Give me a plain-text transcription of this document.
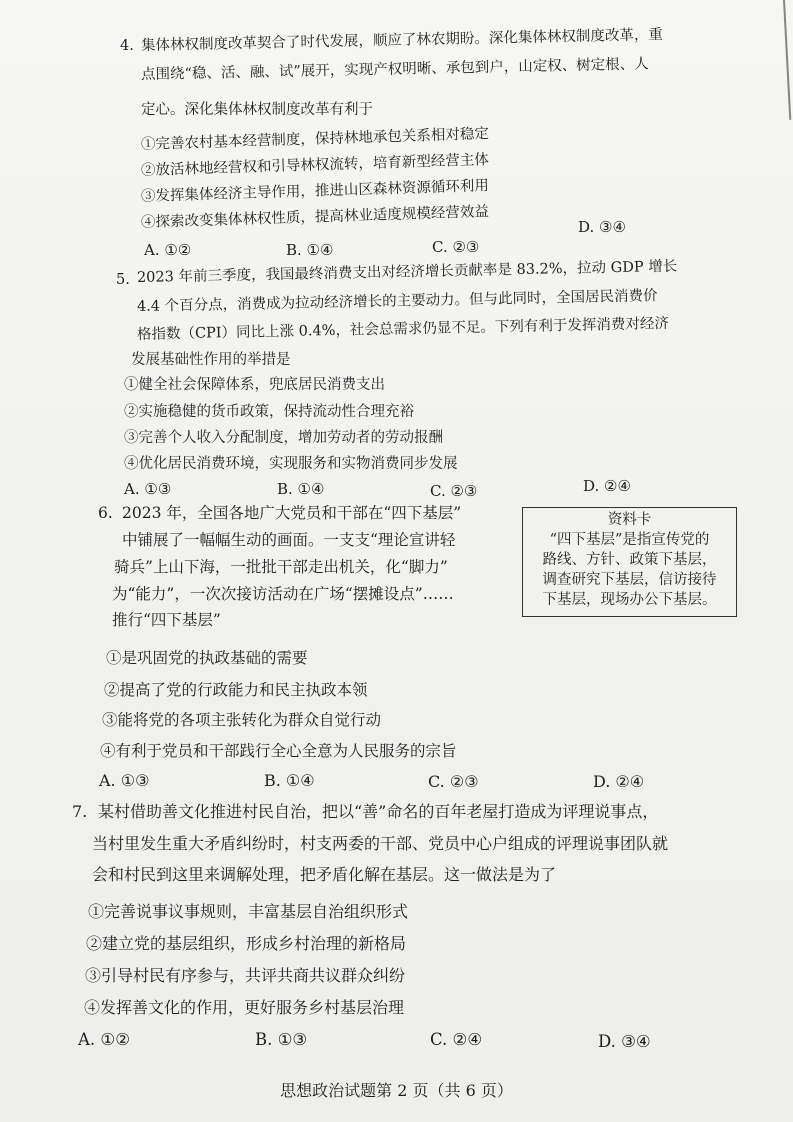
4. 集体林权制度改革契合了时代发展，顺应了林农期盼。深化集体林权制度改革，重
点围绕“稳、活、融、试”展开，实现产权明晰、承包到户，山定权、树定根、人
定心。深化集体林权制度改革有利于
①完善农村基本经营制度，保持林地承包关系相对稳定
②放活林地经营权和引导林权流转，培育新型经营主体
③发挥集体经济主导作用，推进山区森林资源循环利用
④探索改变集体林权性质，提高林业适度规模经营效益
A. ①②	B. ①④	C. ②③
D. ③④
5. 2023 年前三季度，我国最终消费支出对经济增长贡献率是 83.2%，拉动 GDP 增长
4.4 个百分点，消费成为拉动经济增长的主要动力。但与此同时，全国居民消费价
格指数（CPI）同比上涨 0.4%，社会总需求仍显不足。下列有利于发挥消费对经济
发展基础性作用的举措是
①健全社会保障体系，兜底居民消费支出
②实施稳健的货币政策，保持流动性合理充裕
③完善个人收入分配制度，增加劳动者的劳动报酬
④优化居民消费环境，实现服务和实物消费同步发展
A. ①③	B. ①④	C. ②③	D. ②④
6. 2023 年，全国各地广大党员和干部在“四下基层”
中铺展了一幅幅生动的画面。一支支“理论宣讲轻
骑兵”上山下海，一批批干部走出机关，化“脚力”
为“能力”，一次次接访活动在广场“摆摊设点”……
推行“四下基层”
资料卡
“四下基层”是指宣传党的
路线、方针、政策下基层，
调查研究下基层，信访接待
下基层，现场办公下基层。
①是巩固党的执政基础的需要
②提高了党的行政能力和民主执政本领
③能将党的各项主张转化为群众自觉行动
④有利于党员和干部践行全心全意为人民服务的宗旨
A. ①③	B. ①④	C. ②③	D. ②④
7. 某村借助善文化推进村民自治，把以“善”命名的百年老屋打造成为评理说事点，
当村里发生重大矛盾纠纷时，村支两委的干部、党员中心户组成的评理说事团队就
会和村民到这里来调解处理，把矛盾化解在基层。这一做法是为了
①完善说事议事规则，丰富基层自治组织形式
②建立党的基层组织，形成乡村治理的新格局
③引导村民有序参与，共评共商共议群众纠纷
④发挥善文化的作用，更好服务乡村基层治理
A. ①②	B. ①③	C. ②④	D. ③④
思想政治试题第 2 页（共 6 页）
